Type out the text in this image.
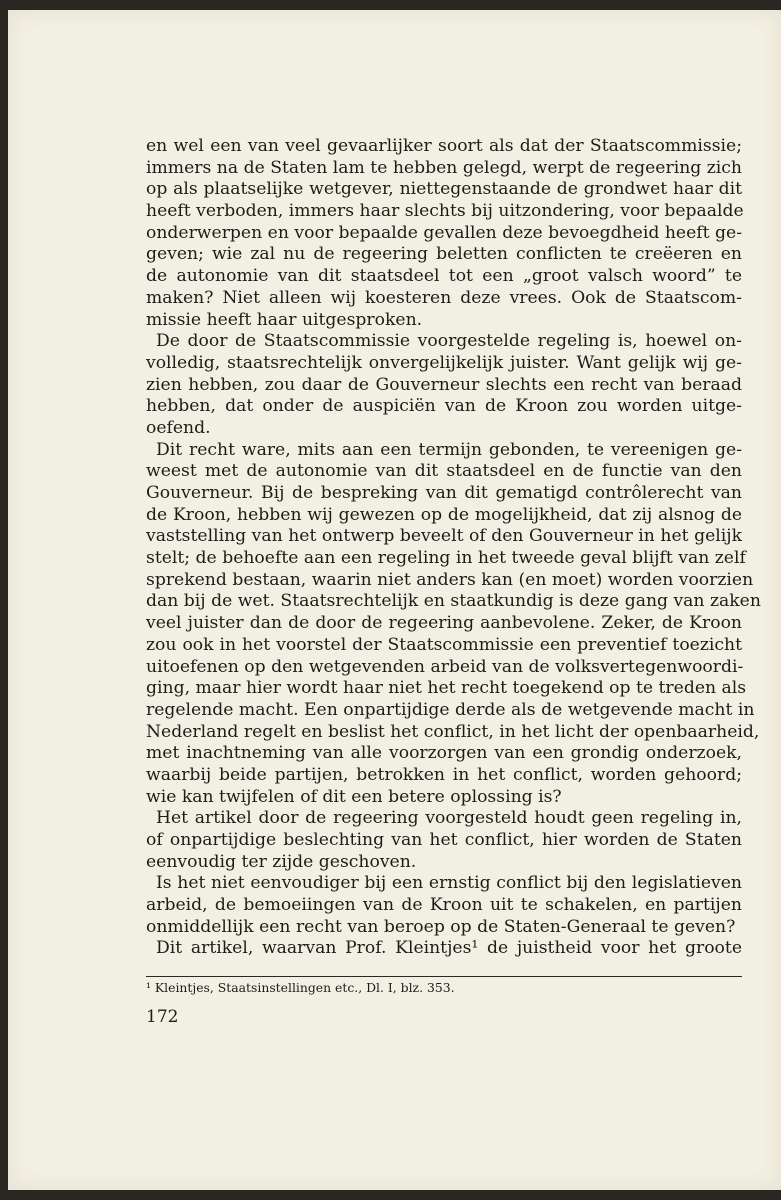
en wel een van veel gevaarlijker soort als dat der Staatscommissie;
immers na de Staten lam te hebben gelegd, werpt de regeering zich
op als plaatselijke wetgever, niettegenstaande de grondwet haar dit
heeft verboden, immers haar slechts bij uitzondering, voor bepaalde
onderwerpen en voor bepaalde gevallen deze bevoegdheid heeft ge-
geven; wie zal nu de regeering beletten conflicten te creëeren en
de autonomie van dit staatsdeel tot een „groot valsch woord” te
maken? Niet alleen wij koesteren deze vrees. Ook de Staatscom-
missie heeft haar uitgesproken.
De door de Staatscommissie voorgestelde regeling is, hoewel on-
volledig, staatsrechtelijk onvergelijkelijk juister. Want gelijk wij ge-
zien hebben, zou daar de Gouverneur slechts een recht van beraad
hebben, dat onder de auspiciën van de Kroon zou worden uitge-
oefend.
Dit recht ware, mits aan een termijn gebonden, te vereenigen ge-
weest met de autonomie van dit staatsdeel en de functie van den
Gouverneur. Bij de bespreking van dit gematigd contrôlerecht van
de Kroon, hebben wij gewezen op de mogelijkheid, dat zij alsnog de
vaststelling van het ontwerp beveelt of den Gouverneur in het gelijk
stelt; de behoefte aan een regeling in het tweede geval blijft van zelf
sprekend bestaan, waarin niet anders kan (en moet) worden voorzien
dan bij de wet. Staatsrechtelijk en staatkundig is deze gang van zaken
veel juister dan de door de regeering aanbevolene. Zeker, de Kroon
zou ook in het voorstel der Staatscommissie een preventief toezicht
uitoefenen op den wetgevenden arbeid van de volksvertegenwoordi-
ging, maar hier wordt haar niet het recht toegekend op te treden als
regelende macht. Een onpartijdige derde als de wetgevende macht in
Nederland regelt en beslist het conflict, in het licht der openbaarheid,
met inachtneming van alle voorzorgen van een grondig onderzoek,
waarbij beide partijen, betrokken in het conflict, worden gehoord;
wie kan twijfelen of dit een betere oplossing is?
Het artikel door de regeering voorgesteld houdt geen regeling in,
of onpartijdige beslechting van het conflict, hier worden de Staten
eenvoudig ter zijde geschoven.
Is het niet eenvoudiger bij een ernstig conflict bij den legislatieven
arbeid, de bemoeiingen van de Kroon uit te schakelen, en partijen
onmiddellijk een recht van beroep op de Staten-Generaal te geven?
Dit artikel, waarvan Prof. Kleintjes¹ de juistheid voor het groote
¹ Kleintjes, Staatsinstellingen etc., Dl. I, blz. 353.
172
